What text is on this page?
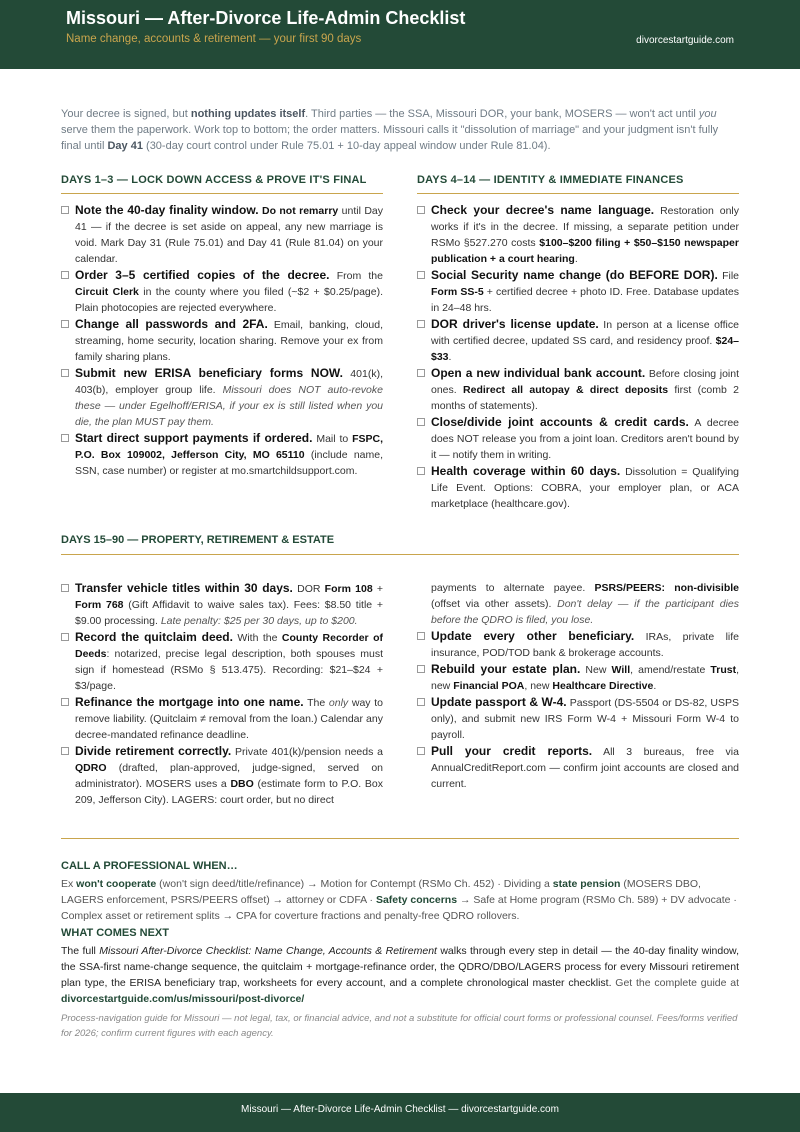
Missouri — After-Divorce Life-Admin Checklist
Name change, accounts & retirement — your first 90 days	divorcestartguide.com

Your decree is signed, but nothing updates itself. Third parties — the SSA, Missouri DOR, your bank, MOSERS — won't act until you serve them the paperwork. Work top to bottom; the order matters. Missouri calls it "dissolution of marriage" and your judgment isn't fully final until Day 41 (30-day court control under Rule 75.01 + 10-day appeal window under Rule 81.04).

DAYS 1–3 — LOCK DOWN ACCESS & PROVE IT'S FINAL
Note the 40-day finality window. Do not remarry until Day 41 — if the decree is set aside on appeal, any new marriage is void. Mark Day 31 (Rule 75.01) and Day 41 (Rule 81.04) on your calendar.
Order 3–5 certified copies of the decree. From the Circuit Clerk in the county where you filed (~$2 + $0.25/page). Plain photocopies are rejected everywhere.
Change all passwords and 2FA. Email, banking, cloud, streaming, home security, location sharing. Remove your ex from family sharing plans.
Submit new ERISA beneficiary forms NOW. 401(k), 403(b), employer group life. Missouri does NOT auto-revoke these — under Egelhoff/ERISA, if your ex is still listed when you die, the plan MUST pay them.
Start direct support payments if ordered. Mail to FSPC, P.O. Box 109002, Jefferson City, MO 65110 (include name, SSN, case number) or register at mo.smartchildsupport.com.
DAYS 4–14 — IDENTITY & IMMEDIATE FINANCES
Check your decree's name language. Restoration only works if it's in the decree. If missing, a separate petition under RSMo §527.270 costs $100–$200 filing + $50–$150 newspaper publication + a court hearing.
Social Security name change (do BEFORE DOR). File Form SS-5 + certified decree + photo ID. Free. Database updates in 24–48 hrs.
DOR driver's license update. In person at a license office with certified decree, updated SS card, and residency proof. $24–$33.
Open a new individual bank account. Before closing joint ones. Redirect all autopay & direct deposits first (comb 2 months of statements).
Close/divide joint accounts & credit cards. A decree does NOT release you from a joint loan. Creditors aren't bound by it — notify them in writing.
Health coverage within 60 days. Dissolution = Qualifying Life Event. Options: COBRA, your employer plan, or ACA marketplace (healthcare.gov).
DAYS 15–90 — PROPERTY, RETIREMENT & ESTATE
Transfer vehicle titles within 30 days. DOR Form 108 + Form 768 (Gift Affidavit to waive sales tax). Fees: $8.50 title + $9.00 processing. Late penalty: $25 per 30 days, up to $200.
Record the quitclaim deed. With the County Recorder of Deeds: notarized, precise legal description, both spouses must sign if homestead (RSMo § 513.475). Recording: $21–$24 + $3/page.
Refinance the mortgage into one name. The only way to remove liability. (Quitclaim ≠ removal from the loan.) Calendar any decree-mandated refinance deadline.
Divide retirement correctly. Private 401(k)/pension needs a QDRO (drafted, plan-approved, judge-signed, served on administrator). MOSERS uses a DBO (estimate form to P.O. Box 209, Jefferson City). LAGERS: court order, but no direct
payments to alternate payee. PSRS/PEERS: non-divisible (offset via other assets). Don't delay — if the participant dies before the QDRO is filed, you lose.
Update every other beneficiary. IRAs, private life insurance, POD/TOD bank & brokerage accounts.
Rebuild your estate plan. New Will, amend/restate Trust, new Financial POA, new Healthcare Directive.
Update passport & W-4. Passport (DS-5504 or DS-82, USPS only), and submit new IRS Form W-4 + Missouri Form W-4 to payroll.
Pull your credit reports. All 3 bureaus, free via AnnualCreditReport.com — confirm joint accounts are closed and current.
CALL A PROFESSIONAL WHEN…

Ex won't cooperate (won't sign deed/title/refinance) → Motion for Contempt (RSMo Ch. 452) · Dividing a state pension (MOSERS DBO, LAGERS enforcement, PSRS/PEERS offset) → attorney or CDFA · Safety concerns → Safe at Home program (RSMo Ch. 589) + DV advocate · Complex asset or retirement splits → CPA for coverture fractions and penalty-free QDRO rollovers.

WHAT COMES NEXT

The full Missouri After-Divorce Checklist: Name Change, Accounts & Retirement walks through every step in detail — the 40-day finality window, the SSA-first name-change sequence, the quitclaim + mortgage-refinance order, the QDRO/DBO/LAGERS process for every Missouri retirement plan type, the ERISA beneficiary trap, worksheets for every account, and a complete chronological master checklist. Get the complete guide at divorcestartguide.com/us/missouri/post-divorce/

Process-navigation guide for Missouri — not legal, tax, or financial advice, and not a substitute for official court forms or professional counsel. Fees/forms verified for 2026; confirm current figures with each agency.

Missouri — After-Divorce Life-Admin Checklist — divorcestartguide.com
